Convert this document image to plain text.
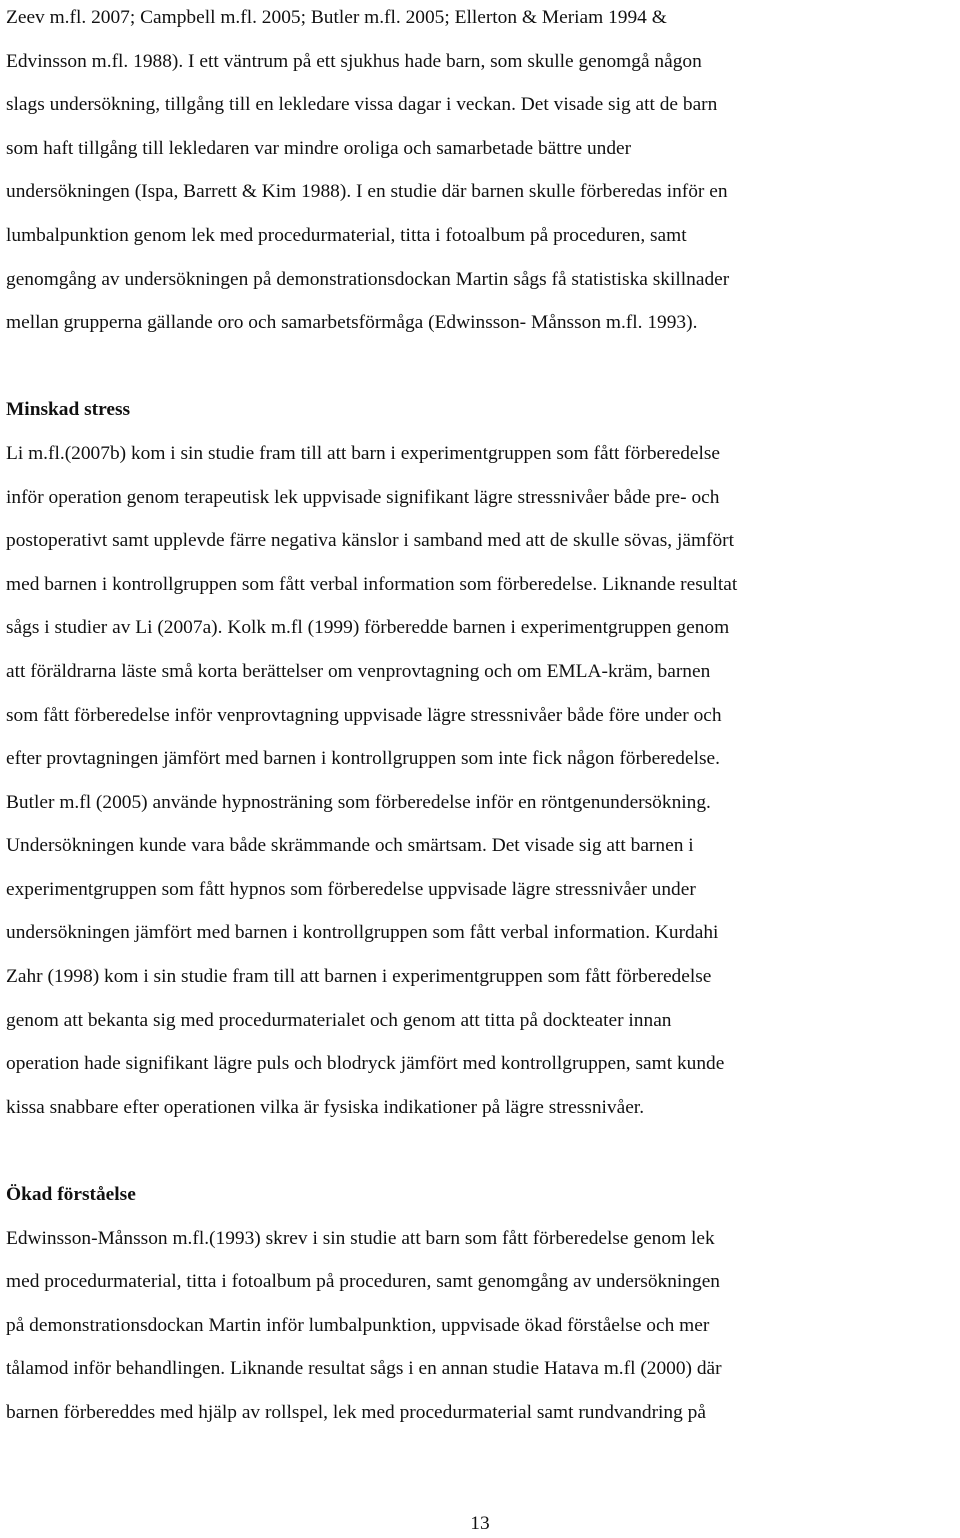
Zeev m.fl. 2007; Campbell m.fl. 2005; Butler m.fl. 2005; Ellerton & Meriam 1994 &
Edvinsson m.fl. 1988). I ett väntrum på ett sjukhus hade barn, som skulle genomgå någon
slags undersökning, tillgång till en lekledare vissa dagar i veckan. Det visade sig att de barn
som haft tillgång till lekledaren var mindre oroliga och samarbetade bättre under
undersökningen (Ispa, Barrett & Kim 1988). I en studie där barnen skulle förberedas inför en
lumbalpunktion genom lek med procedurmaterial, titta i fotoalbum på proceduren, samt
genomgång av undersökningen på demonstrationsdockan Martin sågs få statistiska skillnader
mellan grupperna gällande oro och samarbetsförmåga (Edwinsson- Månsson m.fl. 1993).
Minskad stress
Li m.fl.(2007b) kom i sin studie fram till att barn i experimentgruppen som fått förberedelse
inför operation genom terapeutisk lek uppvisade signifikant lägre stressnivåer både pre- och
postoperativt samt upplevde färre negativa känslor i samband med att de skulle sövas, jämfört
med barnen i kontrollgruppen som fått verbal information som förberedelse. Liknande resultat
sågs i studier av Li (2007a). Kolk m.fl (1999) förberedde barnen i experimentgruppen genom
att föräldrarna läste små korta berättelser om venprovtagning och om EMLA-kräm, barnen
som fått förberedelse inför venprovtagning uppvisade lägre stressnivåer både före under och
efter provtagningen jämfört med barnen i kontrollgruppen som inte fick någon förberedelse.
Butler m.fl (2005) använde hypnosträning som förberedelse inför en röntgenundersökning.
Undersökningen kunde vara både skrämmande och smärtsam. Det visade sig att barnen i
experimentgruppen som fått hypnos som förberedelse uppvisade lägre stressnivåer under
undersökningen jämfört med barnen i kontrollgruppen som fått verbal information. Kurdahi
Zahr (1998) kom i sin studie fram till att barnen i experimentgruppen som fått förberedelse
genom att bekanta sig med procedurmaterialet och genom att titta på dockteater innan
operation hade signifikant lägre puls och blodryck jämfört med kontrollgruppen, samt kunde
kissa snabbare efter operationen vilka är fysiska indikationer på lägre stressnivåer.
Ökad förståelse
Edwinsson-Månsson m.fl.(1993) skrev i sin studie att barn som fått förberedelse genom lek
med procedurmaterial, titta i fotoalbum på proceduren, samt genomgång av undersökningen
på demonstrationsdockan Martin inför lumbalpunktion, uppvisade ökad förståelse och mer
tålamod inför behandlingen. Liknande resultat sågs i en annan studie Hatava m.fl (2000) där
barnen förbereddes med hjälp av rollspel, lek med procedurmaterial samt rundvandring på
13
